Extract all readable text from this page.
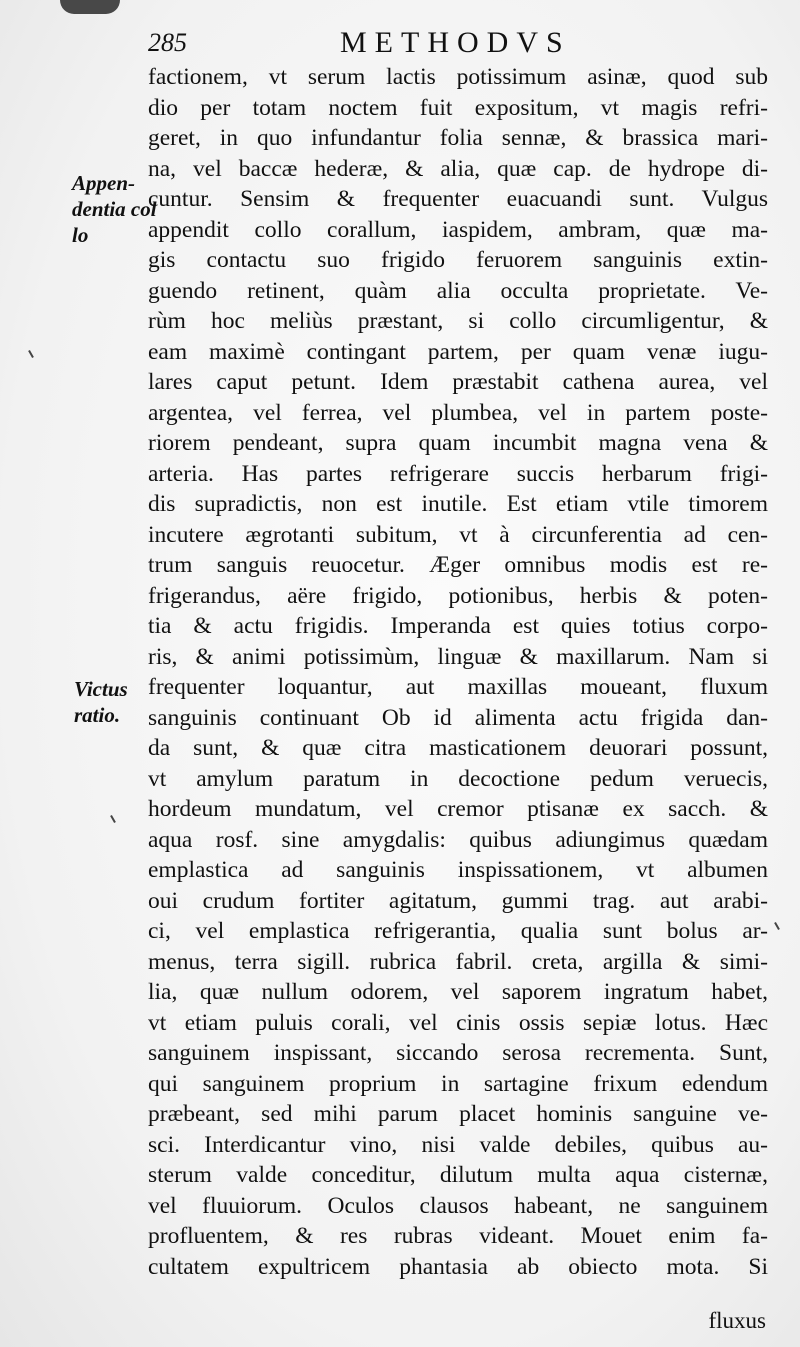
285	METHODVS
Appen-
dentia col
lo
Victus
ratio.
factionem, vt serum lactis potissimum asinæ, quod sub
dio per totam noctem fuit expositum, vt magis refri-
geret, in quo infundantur folia sennæ, & brassica mari-
na, vel baccæ hederæ, & alia, quæ cap. de hydrope di-
cuntur. Sensim & frequenter euacuandi sunt. Vulgus
appendit collo corallum, iaspidem, ambram, quæ ma-
gis contactu suo frigido feruorem sanguinis extin-
guendo retinent, quàm alia occulta proprietate. Ve-
rùm hoc meliùs præstant, si collo circumligentur, &
eam maximè contingant partem, per quam venæ iugu-
lares caput petunt. Idem præstabit cathena aurea, vel
argentea, vel ferrea, vel plumbea, vel in partem poste-
riorem pendeant, supra quam incumbit magna vena &
arteria. Has partes refrigerare succis herbarum frigi-
dis supradictis, non est inutile. Est etiam vtile timorem
incutere ægrotanti subitum, vt à circunferentia ad cen-
trum sanguis reuocetur. Æger omnibus modis est re-
frigerandus, aëre frigido, potionibus, herbis & poten-
tia & actu frigidis. Imperanda est quies totius corpo-
ris, & animi potissimùm, linguæ & maxillarum. Nam si
frequenter loquantur, aut maxillas moueant, fluxum
sanguinis continuant Ob id alimenta actu frigida dan-
da sunt, & quæ citra masticationem deuorari possunt,
vt amylum paratum in decoctione pedum veruecis,
hordeum mundatum, vel cremor ptisanæ ex sacch. &
aqua rosf. sine amygdalis: quibus adiungimus quædam
emplastica ad sanguinis inspissationem, vt albumen
oui crudum fortiter agitatum, gummi trag. aut arabi-
ci, vel emplastica refrigerantia, qualia sunt bolus ar-
menus, terra sigill. rubrica fabril. creta, argilla & simi-
lia, quæ nullum odorem, vel saporem ingratum habet,
vt etiam puluis corali, vel cinis ossis sepiæ lotus. Hæc
sanguinem inspissant, siccando serosa recrementa. Sunt,
qui sanguinem proprium in sartagine frixum edendum
præbeant, sed mihi parum placet hominis sanguine ve-
sci. Interdicantur vino, nisi valde debiles, quibus au-
sterum valde conceditur, dilutum multa aqua cisternæ,
vel fluuiorum. Oculos clausos habeant, ne sanguinem
profluentem, & res rubras videant. Mouet enim fa-
cultatem expultricem phantasia ab obiecto mota. Si
fluxus
